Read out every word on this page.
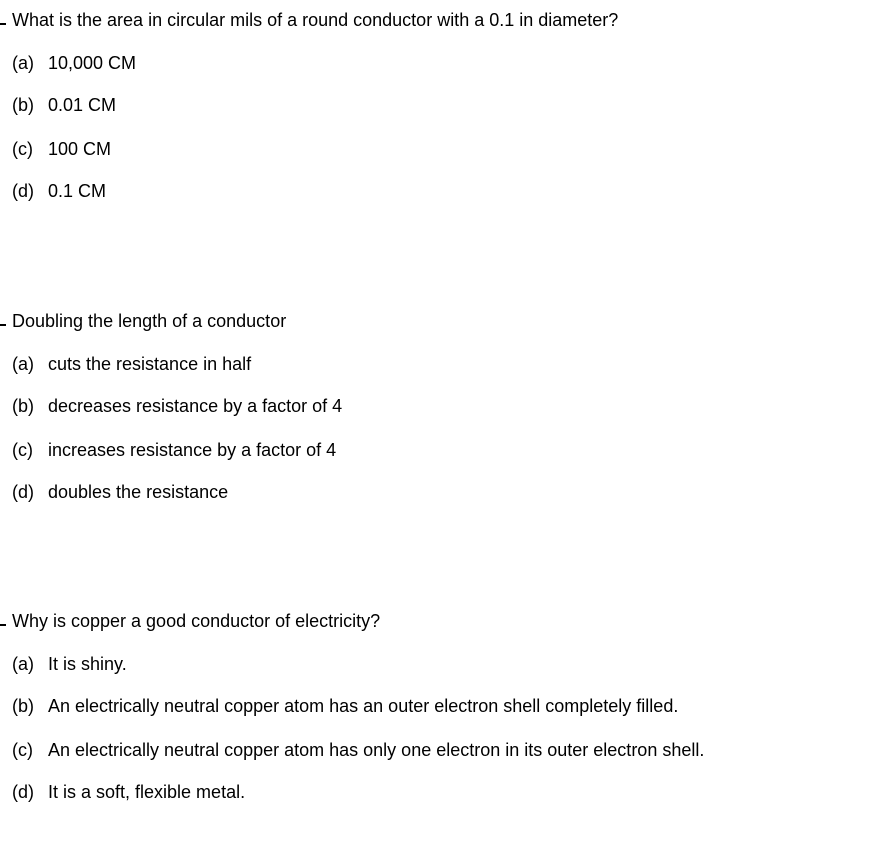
What is the area in circular mils of a round conductor with a 0.1 in diameter?
(a) 10,000 CM
(b) 0.01 CM
(c) 100 CM
(d) 0.1 CM
Doubling the length of a conductor
(a) cuts the resistance in half
(b) decreases resistance by a factor of 4
(c) increases resistance by a factor of 4
(d) doubles the resistance
Why is copper a good conductor of electricity?
(a) It is shiny.
(b) An electrically neutral copper atom has an outer electron shell completely filled.
(c) An electrically neutral copper atom has only one electron in its outer electron shell.
(d) It is a soft, flexible metal.
